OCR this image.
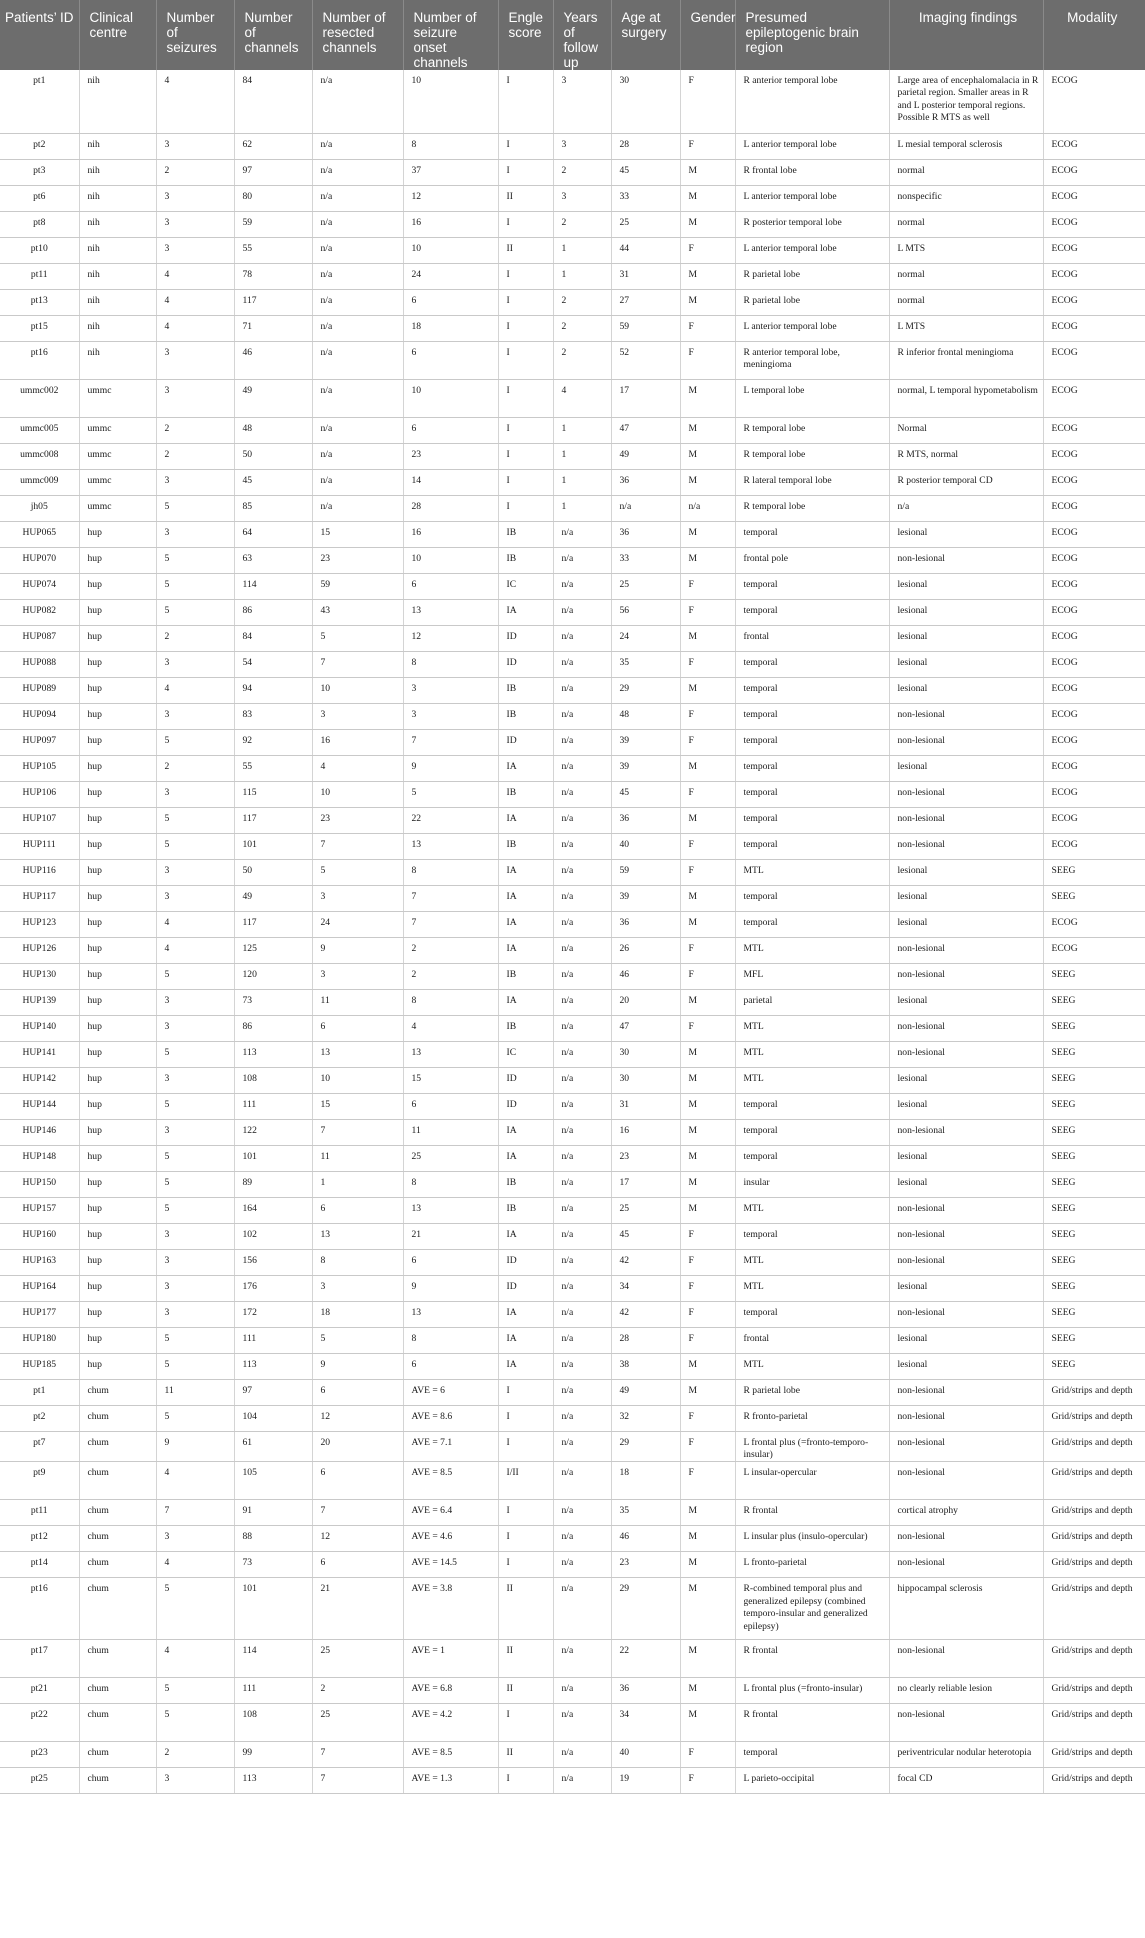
Patients’ ID	Clinical centre	Number of seizures	Number of channels	Number of resected channels	Number of seizure onset channels	Engle score	Years of follow up	Age at surgery	Gender	Presumed epileptogenic brain region	Imaging findings	Modality
pt1	nih	4	84	n/a	10	I	3	30	F	R anterior temporal lobe	Large area of encephalomalacia in R parietal region. Smaller areas in R and L posterior temporal regions. Possible R MTS as well	ECOG
pt2	nih	3	62	n/a	8	I	3	28	F	L anterior temporal lobe	L mesial temporal sclerosis	ECOG
pt3	nih	2	97	n/a	37	I	2	45	M	R frontal lobe	normal	ECOG
pt6	nih	3	80	n/a	12	II	3	33	M	L anterior temporal lobe	nonspecific	ECOG
pt8	nih	3	59	n/a	16	I	2	25	M	R posterior temporal lobe	normal	ECOG
pt10	nih	3	55	n/a	10	II	1	44	F	L anterior temporal lobe	L MTS	ECOG
pt11	nih	4	78	n/a	24	I	1	31	M	R parietal lobe	normal	ECOG
pt13	nih	4	117	n/a	6	I	2	27	M	R parietal lobe	normal	ECOG
pt15	nih	4	71	n/a	18	I	2	59	F	L anterior temporal lobe	L MTS	ECOG
pt16	nih	3	46	n/a	6	I	2	52	F	R anterior temporal lobe, meningioma	R inferior frontal meningioma	ECOG
ummc002	ummc	3	49	n/a	10	I	4	17	M	L temporal lobe	normal, L temporal hypometabolism	ECOG
ummc005	ummc	2	48	n/a	6	I	1	47	M	R temporal lobe	Normal	ECOG
ummc008	ummc	2	50	n/a	23	I	1	49	M	R temporal lobe	R MTS, normal	ECOG
ummc009	ummc	3	45	n/a	14	I	1	36	M	R lateral temporal lobe	R posterior temporal CD	ECOG
jh05	ummc	5	85	n/a	28	I	1	n/a	n/a	R temporal lobe	n/a	ECOG
HUP065	hup	3	64	15	16	IB	n/a	36	M	temporal	lesional	ECOG
HUP070	hup	5	63	23	10	IB	n/a	33	M	frontal pole	non-lesional	ECOG
HUP074	hup	5	114	59	6	IC	n/a	25	F	temporal	lesional	ECOG
HUP082	hup	5	86	43	13	IA	n/a	56	F	temporal	lesional	ECOG
HUP087	hup	2	84	5	12	ID	n/a	24	M	frontal	lesional	ECOG
HUP088	hup	3	54	7	8	ID	n/a	35	F	temporal	lesional	ECOG
HUP089	hup	4	94	10	3	IB	n/a	29	M	temporal	lesional	ECOG
HUP094	hup	3	83	3	3	IB	n/a	48	F	temporal	non-lesional	ECOG
HUP097	hup	5	92	16	7	ID	n/a	39	F	temporal	non-lesional	ECOG
HUP105	hup	2	55	4	9	IA	n/a	39	M	temporal	lesional	ECOG
HUP106	hup	3	115	10	5	IB	n/a	45	F	temporal	non-lesional	ECOG
HUP107	hup	5	117	23	22	IA	n/a	36	M	temporal	non-lesional	ECOG
HUP111	hup	5	101	7	13	IB	n/a	40	F	temporal	non-lesional	ECOG
HUP116	hup	3	50	5	8	IA	n/a	59	F	MTL	lesional	SEEG
HUP117	hup	3	49	3	7	IA	n/a	39	M	temporal	lesional	SEEG
HUP123	hup	4	117	24	7	IA	n/a	36	M	temporal	lesional	ECOG
HUP126	hup	4	125	9	2	IA	n/a	26	F	MTL	non-lesional	ECOG
HUP130	hup	5	120	3	2	IB	n/a	46	F	MFL	non-lesional	SEEG
HUP139	hup	3	73	11	8	IA	n/a	20	M	parietal	lesional	SEEG
HUP140	hup	3	86	6	4	IB	n/a	47	F	MTL	non-lesional	SEEG
HUP141	hup	5	113	13	13	IC	n/a	30	M	MTL	non-lesional	SEEG
HUP142	hup	3	108	10	15	ID	n/a	30	M	MTL	lesional	SEEG
HUP144	hup	5	111	15	6	ID	n/a	31	M	temporal	lesional	SEEG
HUP146	hup	3	122	7	11	IA	n/a	16	M	temporal	non-lesional	SEEG
HUP148	hup	5	101	11	25	IA	n/a	23	M	temporal	lesional	SEEG
HUP150	hup	5	89	1	8	IB	n/a	17	M	insular	lesional	SEEG
HUP157	hup	5	164	6	13	IB	n/a	25	M	MTL	non-lesional	SEEG
HUP160	hup	3	102	13	21	IA	n/a	45	F	temporal	non-lesional	SEEG
HUP163	hup	3	156	8	6	ID	n/a	42	F	MTL	non-lesional	SEEG
HUP164	hup	3	176	3	9	ID	n/a	34	F	MTL	lesional	SEEG
HUP177	hup	3	172	18	13	IA	n/a	42	F	temporal	non-lesional	SEEG
HUP180	hup	5	111	5	8	IA	n/a	28	F	frontal	lesional	SEEG
HUP185	hup	5	113	9	6	IA	n/a	38	M	MTL	lesional	SEEG
pt1	chum	11	97	6	AVE = 6	I	n/a	49	M	R parietal lobe	non-lesional	Grid/strips and depth
pt2	chum	5	104	12	AVE = 8.6	I	n/a	32	F	R fronto-parietal	non-lesional	Grid/strips and depth
pt7	chum	9	61	20	AVE = 7.1	I	n/a	29	F	L frontal plus (=fronto-temporo-insular)	non-lesional	Grid/strips and depth
pt9	chum	4	105	6	AVE = 8.5	I/II	n/a	18	F	L insular-opercular	non-lesional	Grid/strips and depth
pt11	chum	7	91	7	AVE = 6.4	I	n/a	35	M	R frontal	cortical atrophy	Grid/strips and depth
pt12	chum	3	88	12	AVE = 4.6	I	n/a	46	M	L insular plus (insulo-opercular)	non-lesional	Grid/strips and depth
pt14	chum	4	73	6	AVE = 14.5	I	n/a	23	M	L fronto-parietal	non-lesional	Grid/strips and depth
pt16	chum	5	101	21	AVE = 3.8	II	n/a	29	M	R-combined temporal plus and generalized epilepsy (combined temporo-insular and generalized epilepsy)	hippocampal sclerosis	Grid/strips and depth
pt17	chum	4	114	25	AVE = 1	II	n/a	22	M	R frontal	non-lesional	Grid/strips and depth
pt21	chum	5	111	2	AVE = 6.8	II	n/a	36	M	L frontal plus (=fronto-insular)	no clearly reliable lesion	Grid/strips and depth
pt22	chum	5	108	25	AVE = 4.2	I	n/a	34	M	R frontal	non-lesional	Grid/strips and depth
pt23	chum	2	99	7	AVE = 8.5	II	n/a	40	F	temporal	periventricular nodular heterotopia	Grid/strips and depth
pt25	chum	3	113	7	AVE = 1.3	I	n/a	19	F	L parieto-occipital	focal CD	Grid/strips and depth
